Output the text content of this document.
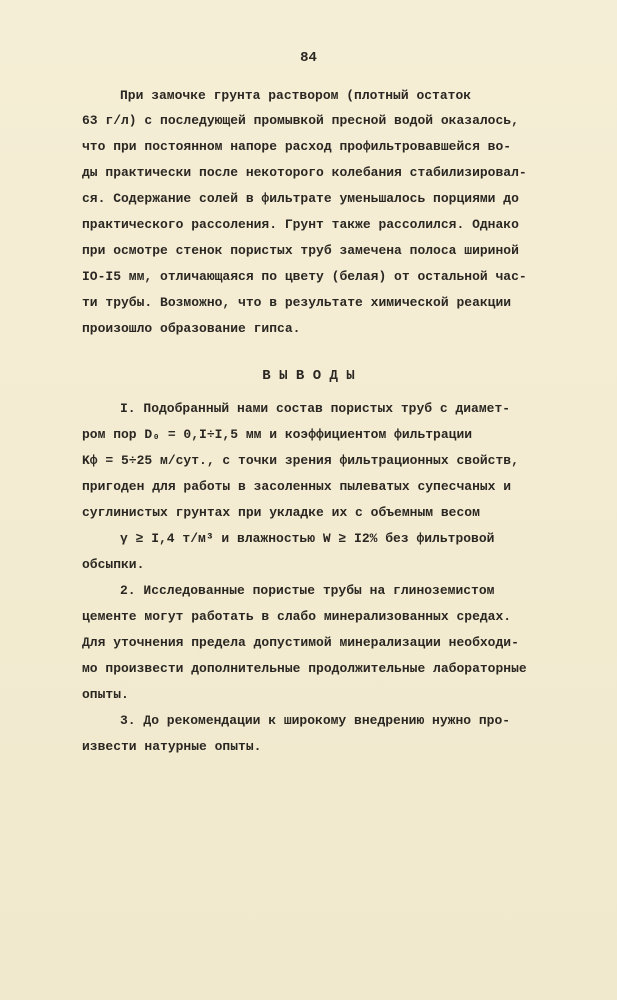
84
При замочке грунта раствором (плотный остаток
63 г/л) с последующей промывкой пресной водой оказалось,
что при постоянном напоре расход профильтровавшейся во-
ды практически после некоторого колебания стабилизировал-
ся. Содержание солей в фильтрате уменьшалось порциями до
практического рассоления. Грунт также рассолился. Однако
при осмотре стенок пористых труб замечена полоса шириной
IO-I5 мм, отличающаяся по цвету (белая) от остальной час-
ти трубы. Возможно, что в результате химической реакции
произошло образование гипса.
В Ы В О Д Ы
I. Подобранный нами состав пористых труб с диамет-
ром пор D₀ = 0,I÷I,5 мм и коэффициентом фильтрации
Kф = 5÷25 м/сут., с точки зрения фильтрационных свойств,
пригоден для работы в засоленных пылеватых супесчаных и
суглинистых грунтах при укладке их с объемным весом
γ ≥ I,4 т/м³ и влажностью W ≥ I2% без фильтровой
обсыпки.
2. Исследованные пористые трубы на глиноземистом
цементе могут работать в слабо минерализованных средах.
Для уточнения предела допустимой минерализации необходи-
мо произвести дополнительные продолжительные лабораторные
опыты.
3. До рекомендации к широкому внедрению нужно про-
извести натурные опыты.
